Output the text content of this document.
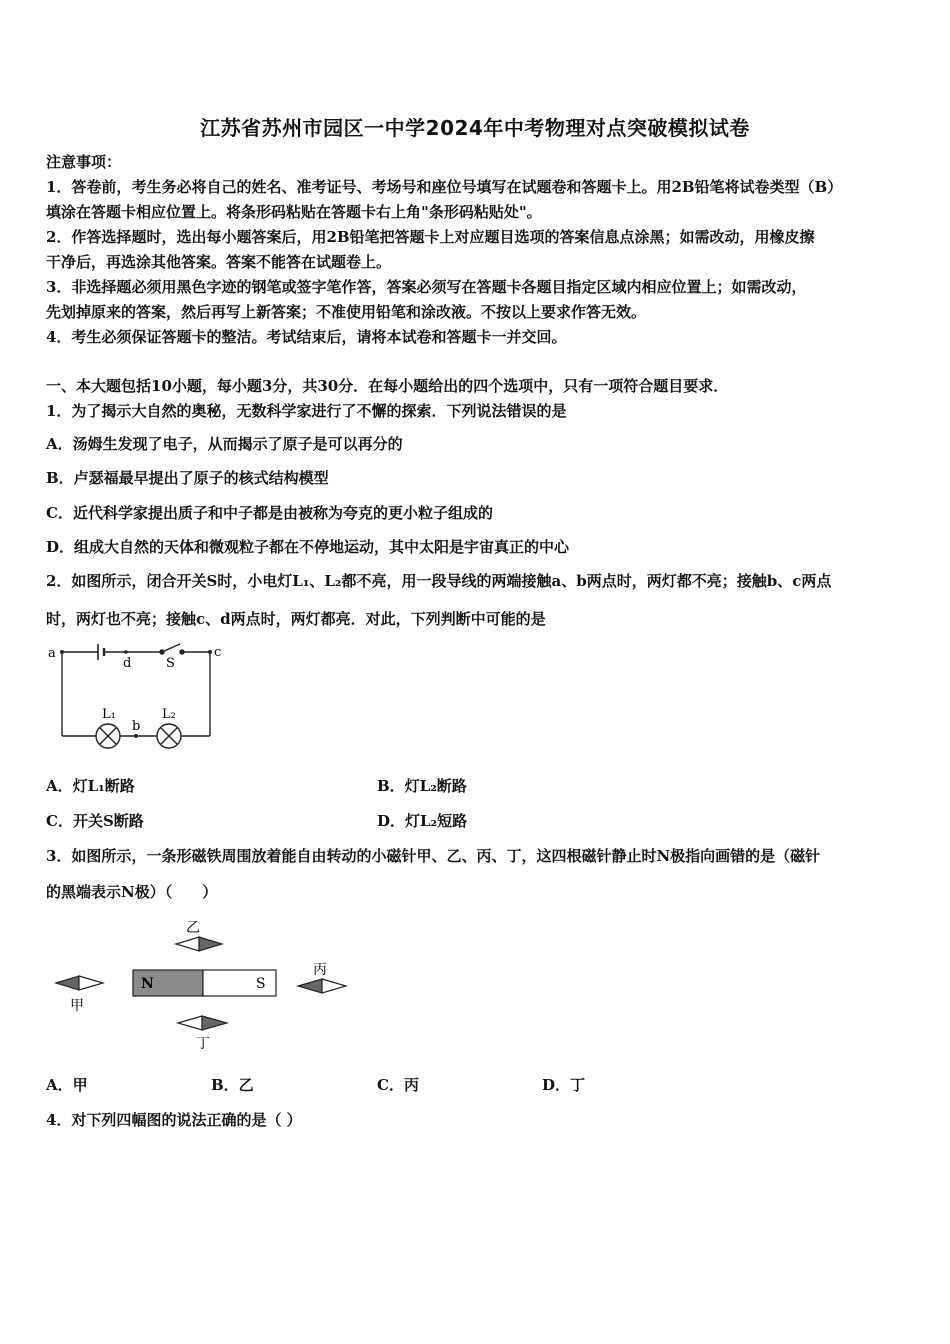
江苏省苏州市园区一中学2024年中考物理对点突破模拟试卷
注意事项：
1．答卷前，考生务必将自己的姓名、准考证号、考场号和座位号填写在试题卷和答题卡上。用2B铅笔将试卷类型（B）
填涂在答题卡相应位置上。将条形码粘贴在答题卡右上角"条形码粘贴处"。
2．作答选择题时，选出每小题答案后，用2B铅笔把答题卡上对应题目选项的答案信息点涂黑；如需改动，用橡皮擦
干净后，再选涂其他答案。答案不能答在试题卷上。
3．非选择题必须用黑色字迹的钢笔或签字笔作答，答案必须写在答题卡各题目指定区域内相应位置上；如需改动，
先划掉原来的答案，然后再写上新答案；不准使用铅笔和涂改液。不按以上要求作答无效。
4．考生必须保证答题卡的整洁。考试结束后，请将本试卷和答题卡一并交回。
一、本大题包括10小题，每小题3分，共30分．在每小题给出的四个选项中，只有一项符合题目要求．
1．为了揭示大自然的奥秘，无数科学家进行了不懈的探索．下列说法错误的是
A．汤姆生发现了电子，从而揭示了原子是可以再分的
B．卢瑟福最早提出了原子的核式结构模型
C．近代科学家提出质子和中子都是由被称为夸克的更小粒子组成的
D．组成大自然的天体和微观粒子都在不停地运动，其中太阳是宇宙真正的中心
2．如图所示，闭合开关S时，小电灯L₁、L₂都不亮，用一段导线的两端接触a、b两点时，两灯都不亮；接触b、c两点
时，两灯也不亮；接触c、d两点时，两灯都亮．对此，下列判断中可能的是
a
d	S
c
b
L₁	L₂
A．灯L₁断路	B．灯L₂断路
C．开关S断路	D．灯L₂短路
3．如图所示，一条形磁铁周围放着能自由转动的小磁针甲、乙、丙、丁，这四根磁针静止时N极指向画错的是（磁针
的黑端表示N极）（　　）
N	S
乙
甲
丙
丁
A．甲	B．乙	C．丙	D．丁
4．对下列四幅图的说法正确的是（ ）
